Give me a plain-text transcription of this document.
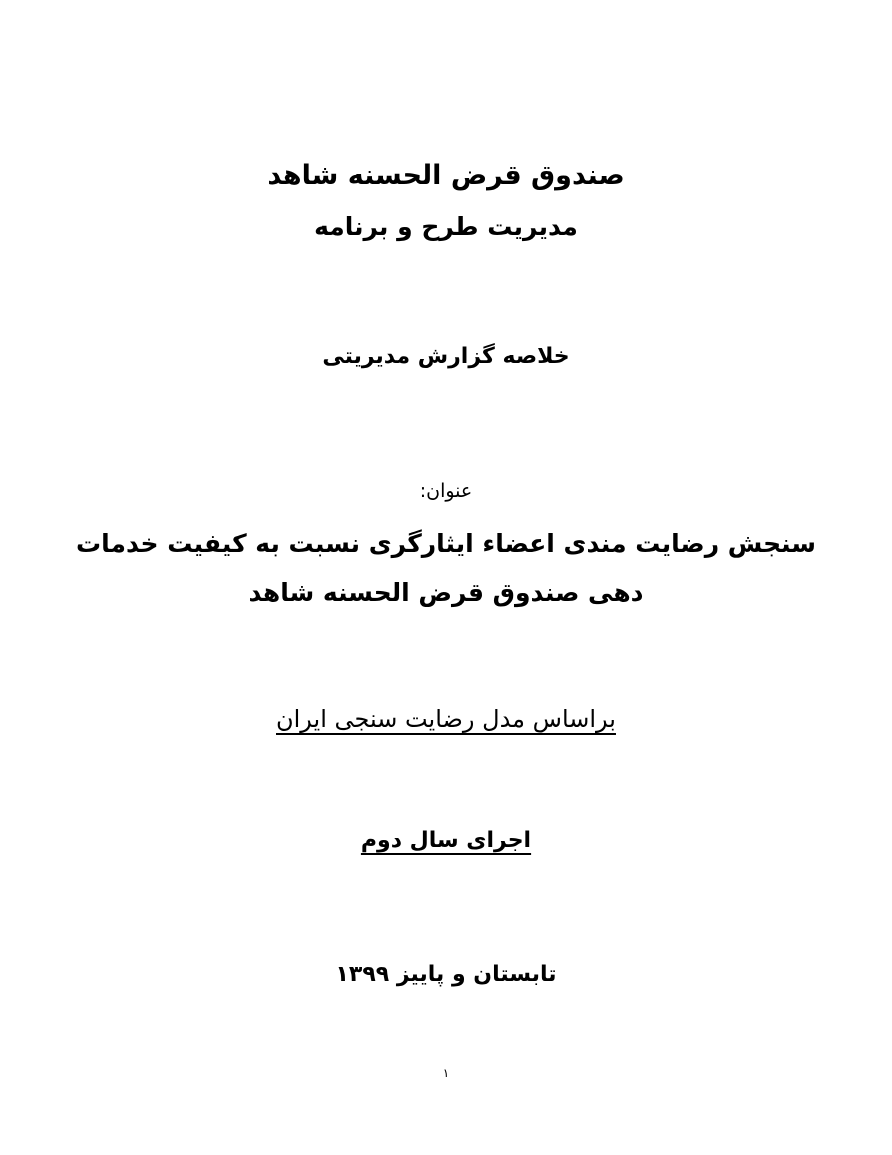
صندوق قرض الحسنه شاهد
مدیریت طرح و برنامه
خلاصه گزارش مدیریتی
عنوان:
سنجش رضایت مندی اعضاء ایثارگری نسبت به کیفیت خدمات
دهی صندوق قرض الحسنه شاهد
براساس مدل رضایت سنجی ایران
اجرای سال دوم
تابستان و پاییز ۱۳۹۹
۱
